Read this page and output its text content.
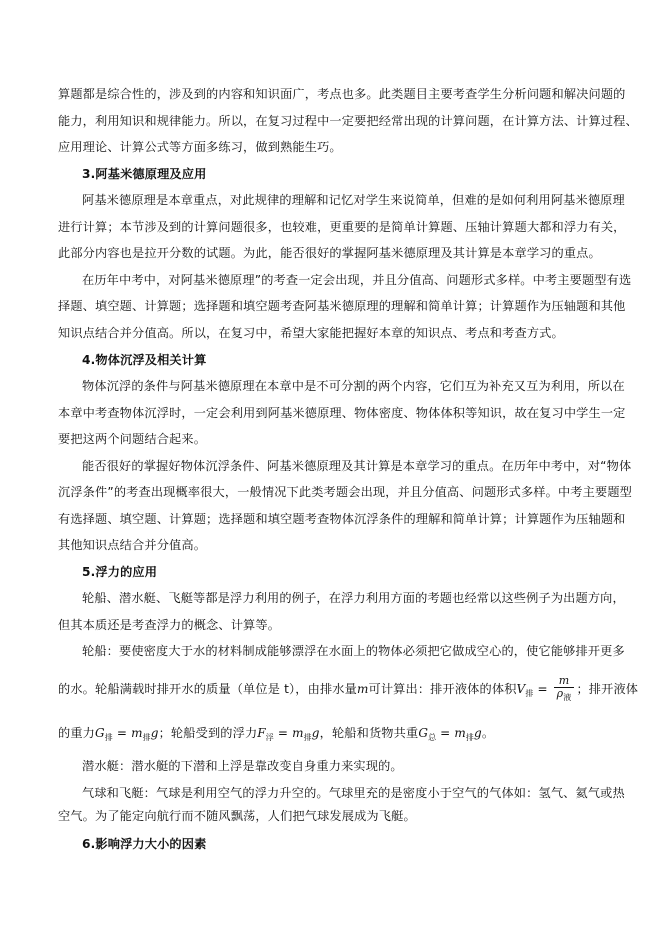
算题都是综合性的，涉及到的内容和知识面广，考点也多。此类题目主要考查学生分析问题和解决问题的
能力，利用知识和规律能力。所以，在复习过程中一定要把经常出现的计算问题，在计算方法、计算过程、
应用理论、计算公式等方面多练习，做到熟能生巧。
3.阿基米德原理及应用
阿基米德原理是本章重点，对此规律的理解和记忆对学生来说简单，但难的是如何利用阿基米德原理
进行计算；本节涉及到的计算问题很多，也较难，更重要的是简单计算题、压轴计算题大都和浮力有关，
此部分内容也是拉开分数的试题。为此，能否很好的掌握阿基米德原理及其计算是本章学习的重点。
在历年中考中，对阿基米德原理”的考查一定会出现，并且分值高、问题形式多样。中考主要题型有选
择题、填空题、计算题；选择题和填空题考查阿基米德原理的理解和简单计算；计算题作为压轴题和其他
知识点结合并分值高。所以，在复习中，希望大家能把握好本章的知识点、考点和考查方式。
4.物体沉浮及相关计算
物体沉浮的条件与阿基米德原理在本章中是不可分割的两个内容，它们互为补充又互为利用，所以在
本章中考查物体沉浮时，一定会利用到阿基米德原理、物体密度、物体体积等知识，故在复习中学生一定
要把这两个问题结合起来。
能否很好的掌握好物体沉浮条件、阿基米德原理及其计算是本章学习的重点。在历年中考中，对“物体
沉浮条件”的考查出现概率很大，一般情况下此类考题会出现，并且分值高、问题形式多样。中考主要题型
有选择题、填空题、计算题；选择题和填空题考查物体沉浮条件的理解和简单计算；计算题作为压轴题和
其他知识点结合并分值高。
5.浮力的应用
轮船、潜水艇、飞艇等都是浮力利用的例子，在浮力利用方面的考题也经常以这些例子为出题方向，
但其本质还是考查浮力的概念、计算等。
轮船：要使密度大于水的材料制成能够漂浮在水面上的物体必须把它做成空心的，使它能够排开更多
的水。轮船满载时排开水的质量（单位是 t），由排水量m可计算出：排开液体的体积$V_排 = \frac{m}{\rho_液}$ ；排开液体
的重力$G_排 = m_排g$；轮船受到的浮力$F_浮 = m_排g$，轮船和货物共重$G_总 = m_排g$。
潜水艇：潜水艇的下潜和上浮是靠改变自身重力来实现的。
气球和飞艇：气球是利用空气的浮力升空的。气球里充的是密度小于空气的气体如：氢气、氦气或热
空气。为了能定向航行而不随风飘荡，人们把气球发展成为飞艇。
6.影响浮力大小的因素
